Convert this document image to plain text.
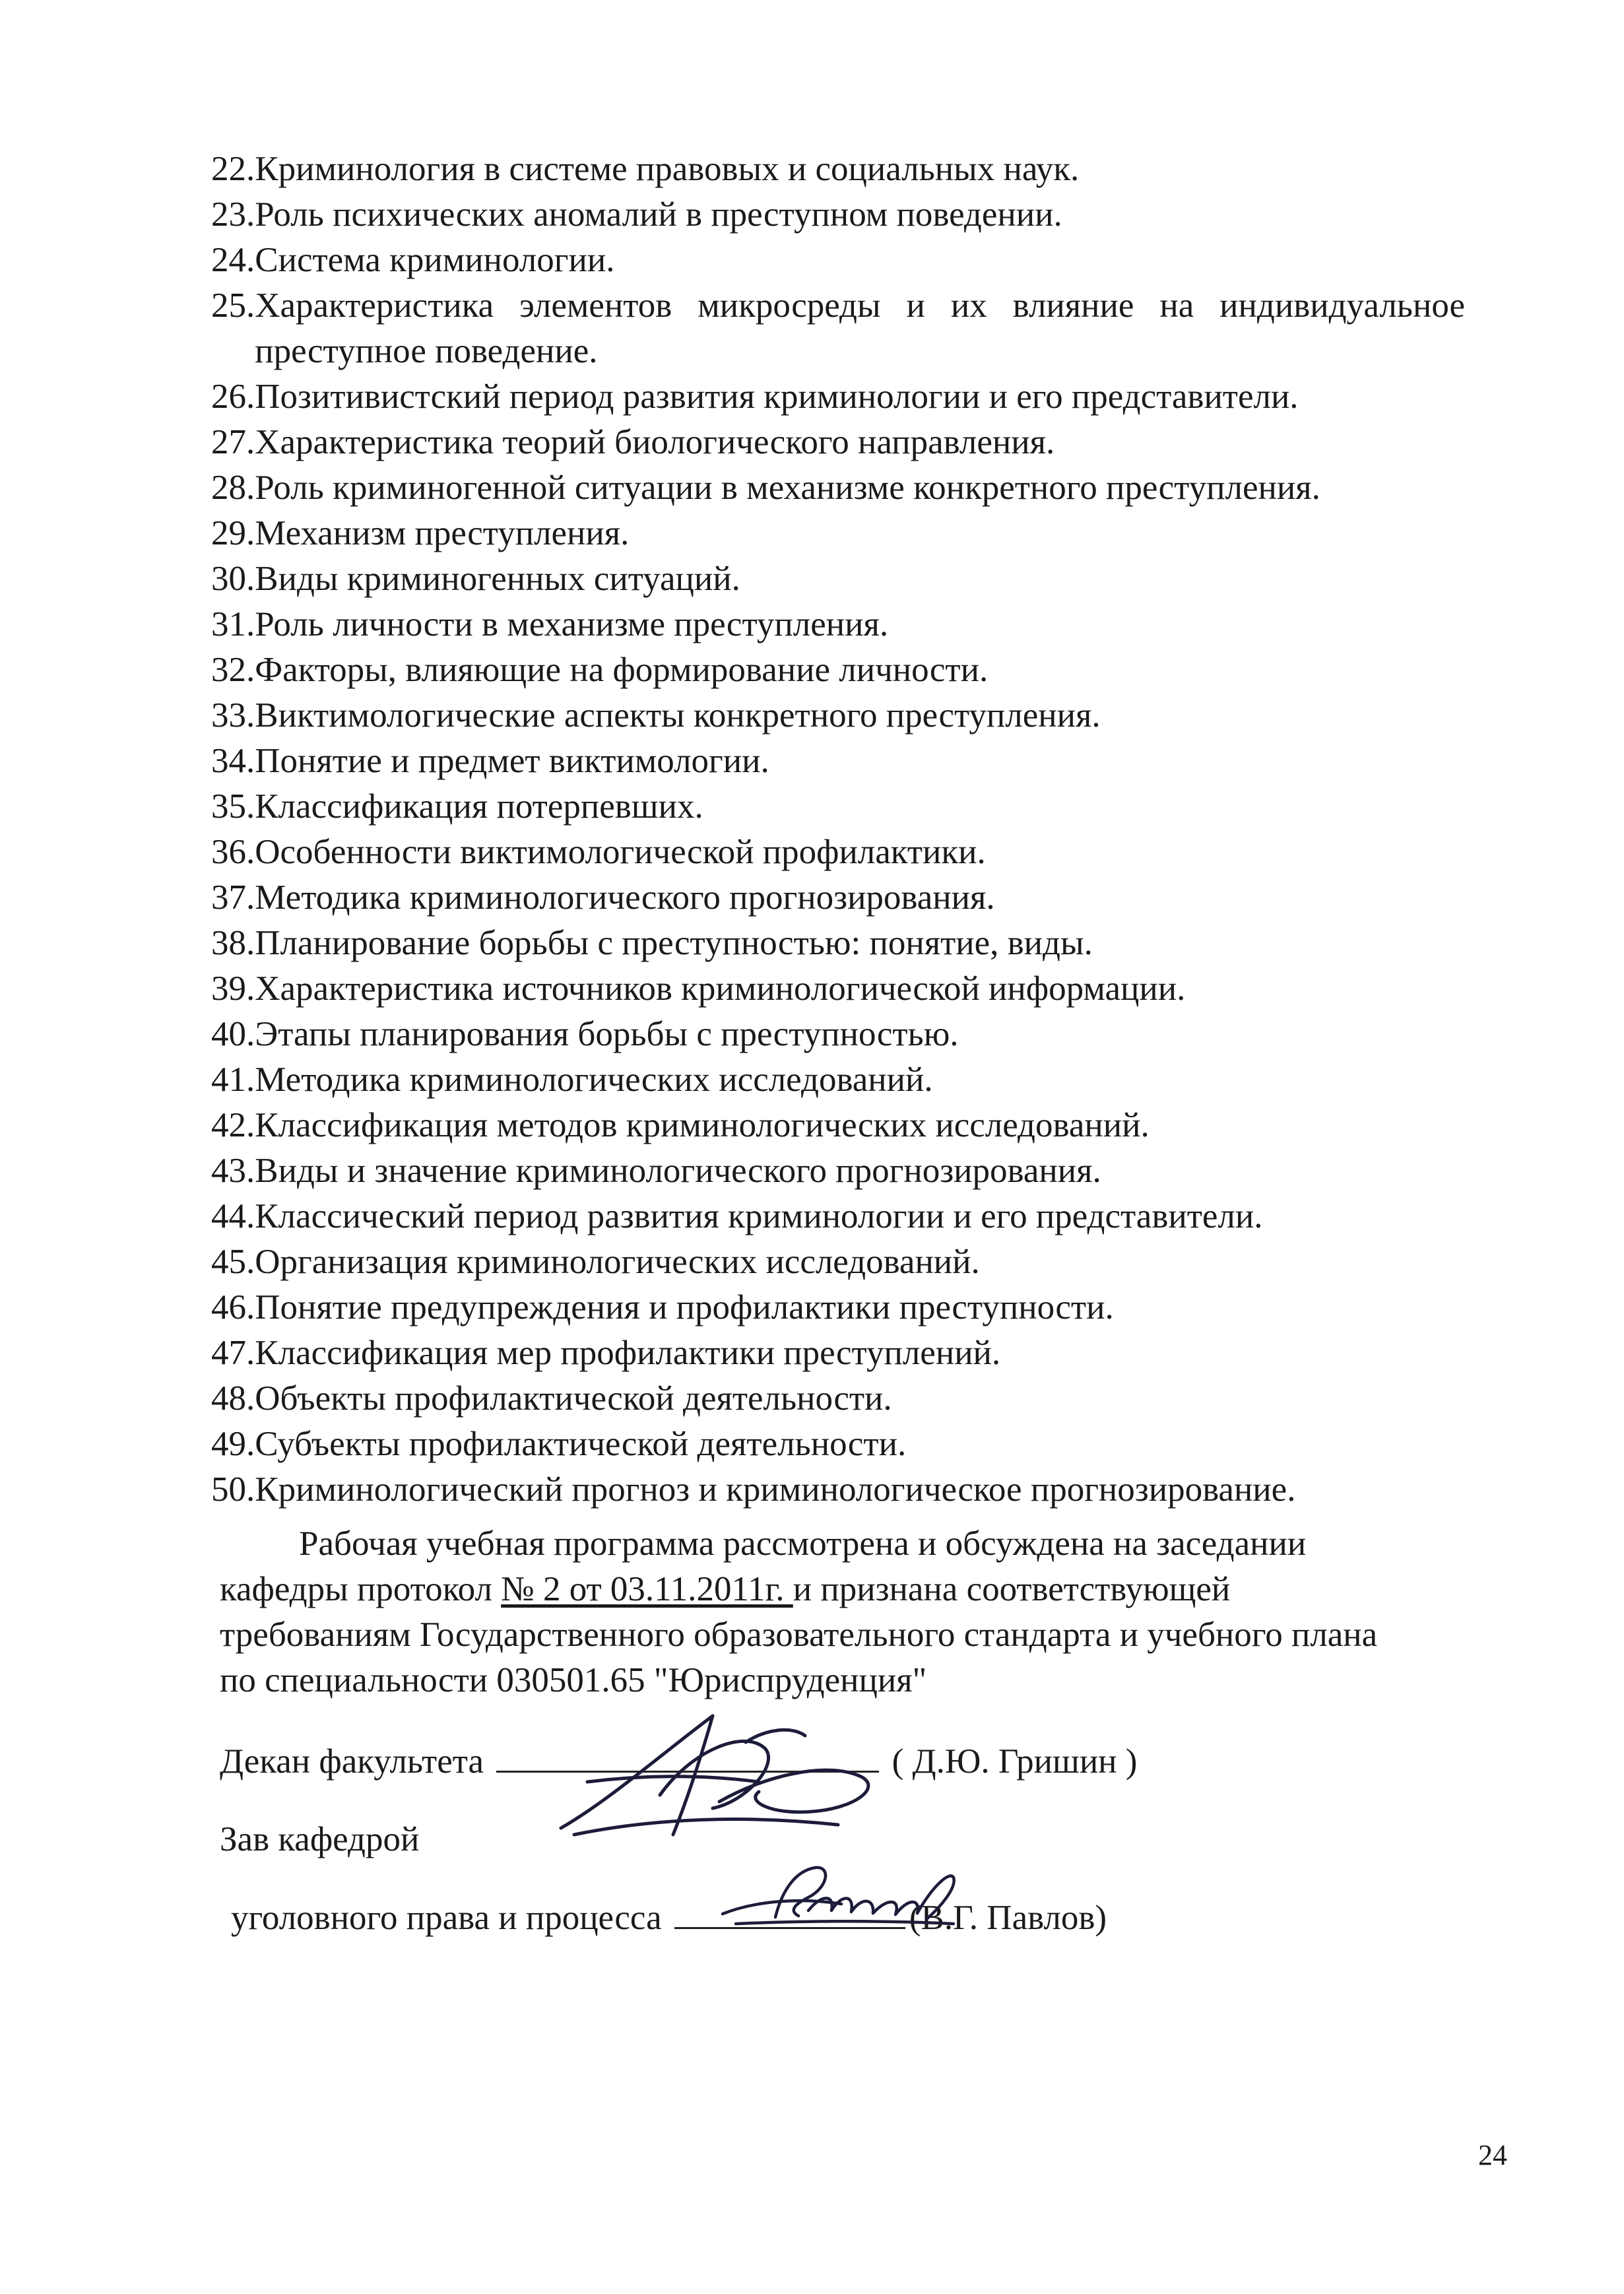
22. Криминология в системе правовых и социальных наук.
23. Роль психических аномалий в преступном поведении.
24. Система криминологии.
25. Характеристика элементов микросреды и их влияние на индивидуальное преступное поведение.
26. Позитивистский период развития криминологии и его представители.
27. Характеристика теорий биологического направления.
28. Роль криминогенной ситуации в механизме конкретного преступления.
29. Механизм преступления.
30. Виды криминогенных ситуаций.
31. Роль личности в механизме преступления.
32. Факторы, влияющие на формирование личности.
33. Виктимологические аспекты конкретного преступления.
34. Понятие и предмет виктимологии.
35. Классификация потерпевших.
36. Особенности виктимологической профилактики.
37. Методика криминологического прогнозирования.
38. Планирование борьбы с преступностью: понятие, виды.
39. Характеристика источников криминологической информации.
40. Этапы планирования борьбы с преступностью.
41. Методика криминологических исследований.
42. Классификация методов криминологических исследований.
43. Виды и значение криминологического прогнозирования.
44. Классический период развития криминологии и его представители.
45. Организация криминологических исследований.
46. Понятие предупреждения и профилактики преступности.
47. Классификация мер профилактики преступлений.
48. Объекты профилактической деятельности.
49. Субъекты профилактической деятельности.
50. Криминологический прогноз и криминологическое прогнозирование.

Рабочая учебная программа рассмотрена и обсуждена на заседании

кафедры протокол № 2 от 03.11.2011г. и признана соответствующей

требованиям Государственного образовательного стандарта и учебного плана

по специальности 030501.65 "Юриспруденция"

Декан факультета	( Д.Ю. Гришин )
Зав кафедрой
уголовного права и процесса	(В.Г. Павлов)
24
